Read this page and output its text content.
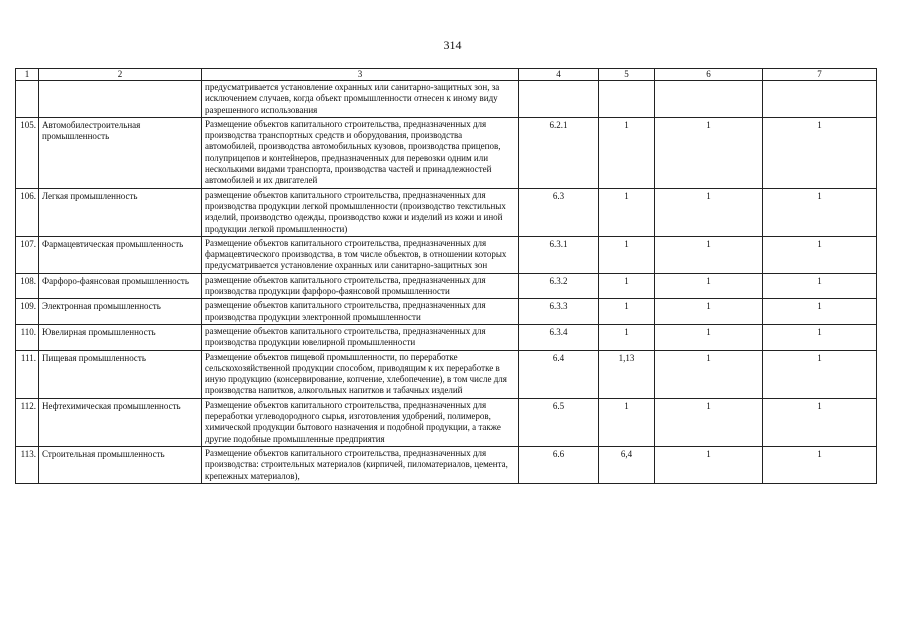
314
1	2	3	4	5	6	7
		предусматривается установление охранных или санитарно-защитных зон, за исключением случаев, когда объект промышленности отнесен к иному виду разрешенного использования				
105.	Автомобилестроительная промышленность	Размещение объектов капитального строительства, предназначенных для производства транспортных средств и оборудования, производства автомобилей, производства автомобильных кузовов, производства прицепов, полуприцепов и контейнеров, предназначенных для перевозки одним или несколькими видами транспорта, производства частей и принадлежностей автомобилей и их двигателей	6.2.1	1	1	1
106.	Легкая промышленность	размещение объектов капитального строительства, предназначенных для производства продукции легкой промышленности (производство текстильных изделий, производство одежды, производство кожи и изделий из кожи и иной продукции легкой промышленности)	6.3	1	1	1
107.	Фармацевтическая промышленность	Размещение объектов капитального строительства, предназначенных для фармацевтического производства, в том числе объектов, в отношении которых предусматривается установление охранных или санитарно-защитных зон	6.3.1	1	1	1
108.	Фарфоро-фаянсовая промышленность	размещение объектов капитального строительства, предназначенных для производства продукции фарфоро-фаянсовой промышленности	6.3.2	1	1	1
109.	Электронная промышленность	размещение объектов капитального строительства, предназначенных для производства продукции электронной промышленности	6.3.3	1	1	1
110.	Ювелирная промышленность	размещение объектов капитального строительства, предназначенных для производства продукции ювелирной промышленности	6.3.4	1	1	1
111.	Пищевая промышленность	Размещение объектов пищевой промышленности, по переработке сельскохозяйственной продукции способом, приводящим к их переработке в иную продукцию (консервирование, копчение, хлебопечение), в том числе для производства напитков, алкогольных напитков и табачных изделий	6.4	1,13	1	1
112.	Нефтехимическая промышленность	Размещение объектов капитального строительства, предназначенных для переработки углеводородного сырья, изготовления удобрений, полимеров, химической продукции бытового назначения и подобной продукции, а также другие подобные промышленные предприятия	6.5	1	1	1
113.	Строительная промышленность	Размещение объектов капитального строительства, предназначенных для производства: строительных материалов (кирпичей, пиломатериалов, цемента, крепежных материалов),	6.6	6,4	1	1
